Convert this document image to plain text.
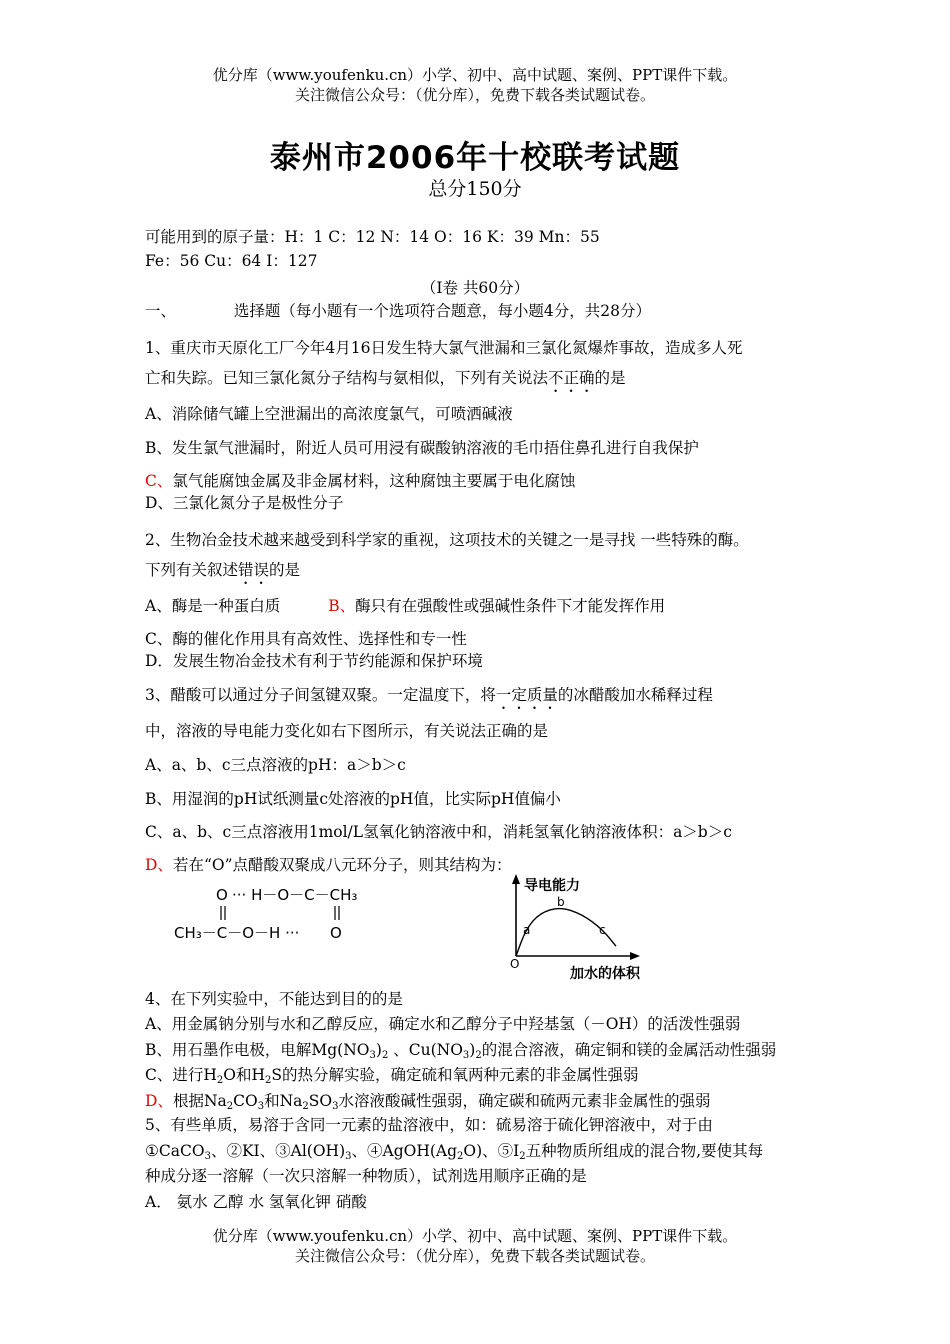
优分库（www.youfenku.cn）小学、初中、高中试题、案例、PPT课件下载。
关注微信公众号：（优分库），免费下载各类试题试卷。
泰州市2006年十校联考试题
总分150分
可能用到的原子量：H：1 C：12 N：14 O：16 K：39 Mn：55
Fe：56 Cu：64 I：127
（Ⅰ卷 共60分）
一、	选择题（每小题有一个选项符合题意，每小题4分，共28分）
1、重庆市天原化工厂今年4月16日发生特大氯气泄漏和三氯化氮爆炸事故，造成多人死
亡和失踪。已知三氯化氮分子结构与氨相似，下列有关说法不正确的是
A、消除储气罐上空泄漏出的高浓度氯气，可喷洒碱液
B、发生氯气泄漏时，附近人员可用浸有碳酸钠溶液的毛巾捂住鼻孔进行自我保护
C、氯气能腐蚀金属及非金属材料，这种腐蚀主要属于电化腐蚀
D、三氯化氮分子是极性分子
2、生物冶金技术越来越受到科学家的重视，这项技术的关键之一是寻找 一些特殊的酶。
下列有关叙述错误的是
A、酶是一种蛋白质	B、酶只有在强酸性或强碱性条件下才能发挥作用
C、酶的催化作用具有高效性、选择性和专一性
D．发展生物冶金技术有利于节约能源和保护环境
3、醋酸可以通过分子间氢键双聚。一定温度下，将一定质量的冰醋酸加水稀释过程
中，溶液的导电能力变化如右下图所示，有关说法正确的是
A、a、b、c三点溶液的pH：a＞b＞c
B、用湿润的pH试纸测量c处溶液的pH值，比实际pH值偏小
C、a、b、c三点溶液用1mol/L氢氧化钠溶液中和，消耗氢氧化钠溶液体积：a＞b＞c
D、若在“O”点醋酸双聚成八元环分子，则其结构为：
O ··· H－O－C－CH₃
CH₃－C－O－H ··· O
导电能力
加水的体积
O
a
b
c
4、在下列实验中，不能达到目的的是
A、用金属钠分别与水和乙醇反应，确定水和乙醇分子中羟基氢（－OH）的活泼性强弱
B、用石墨作电极，电解$Mg(NO_3)_2$ 、$Cu(NO_3)_2$的混合溶液，确定铜和镁的金属活动性强弱
C、进行$H_2O$和$H_2S$的热分解实验，确定硫和氧两种元素的非金属性强弱
D、根据$Na_2CO_3$和$Na_2SO_3$水溶液酸碱性强弱，确定碳和硫两元素非金属性的强弱
5、有些单质，易溶于含同一元素的盐溶液中，如：硫易溶于硫化钾溶液中，对于由
①CaCO$_3$、②KI、$③Al(OH)_3$、$④AgOH(Ag_2O)$、$⑤I_2$五种物质所组成的混合物,要使其每
种成分逐一溶解（一次只溶解一种物质），试剂选用顺序正确的是
A． 氨水 乙醇 水 氢氧化钾 硝酸
优分库（www.youfenku.cn）小学、初中、高中试题、案例、PPT课件下载。
关注微信公众号：（优分库），免费下载各类试题试卷。
